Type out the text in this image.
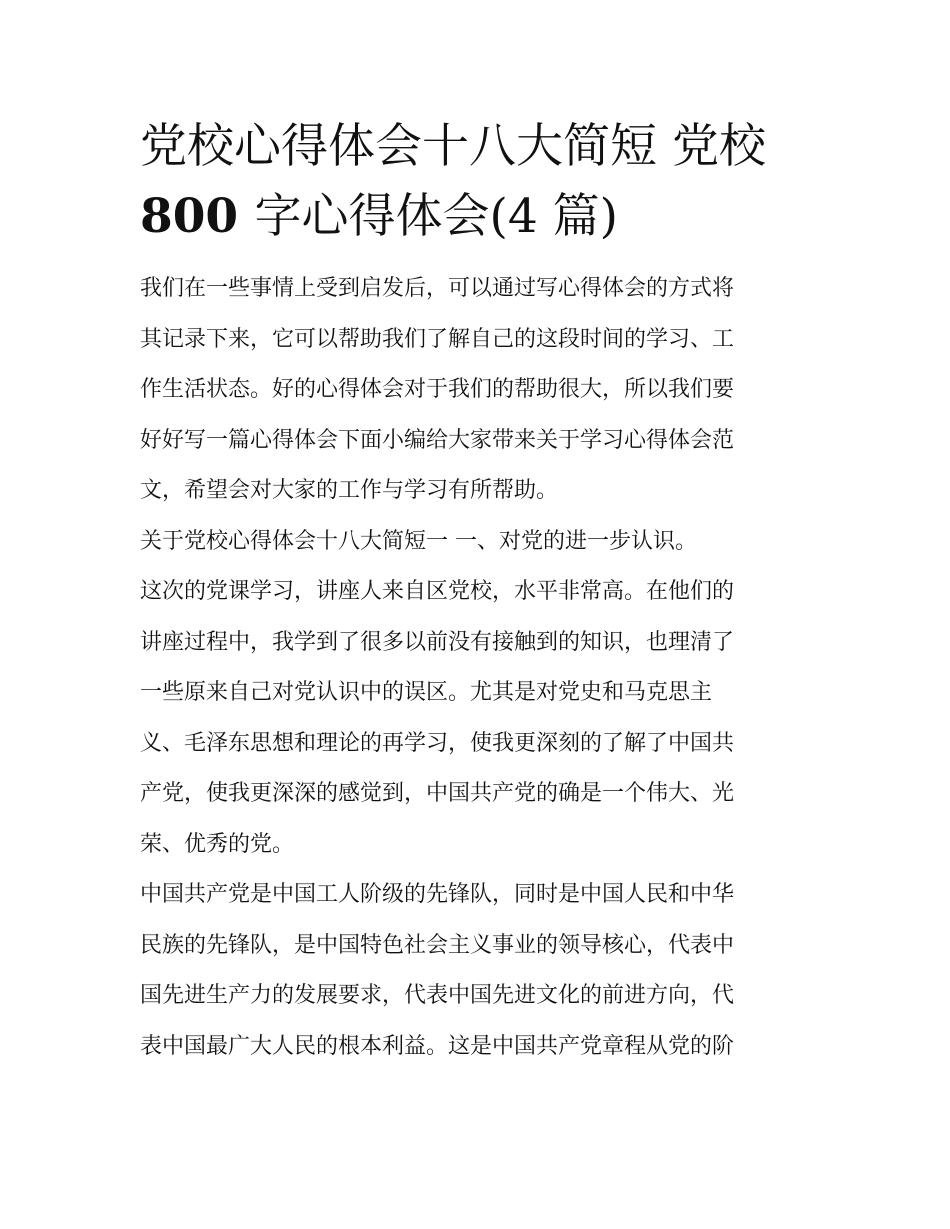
党校心得体会十八大简短 党校
800 字心得体会(4 篇)

我们在一些事情上受到启发后，可以通过写心得体会的方式将
其记录下来，它可以帮助我们了解自己的这段时间的学习、工
作生活状态。好的心得体会对于我们的帮助很大，所以我们要
好好写一篇心得体会下面小编给大家带来关于学习心得体会范
文，希望会对大家的工作与学习有所帮助。

关于党校心得体会十八大简短一 一、对党的进一步认识。

这次的党课学习，讲座人来自区党校，水平非常高。在他们的
讲座过程中，我学到了很多以前没有接触到的知识，也理清了
一些原来自己对党认识中的误区。尤其是对党史和马克思主
义、毛泽东思想和理论的再学习，使我更深刻的了解了中国共
产党，使我更深深的感觉到，中国共产党的确是一个伟大、光
荣、优秀的党。

中国共产党是中国工人阶级的先锋队，同时是中国人民和中华
民族的先锋队，是中国特色社会主义事业的领导核心，代表中
国先进生产力的发展要求，代表中国先进文化的前进方向，代
表中国最广大人民的根本利益。这是中国共产党章程从党的阶
